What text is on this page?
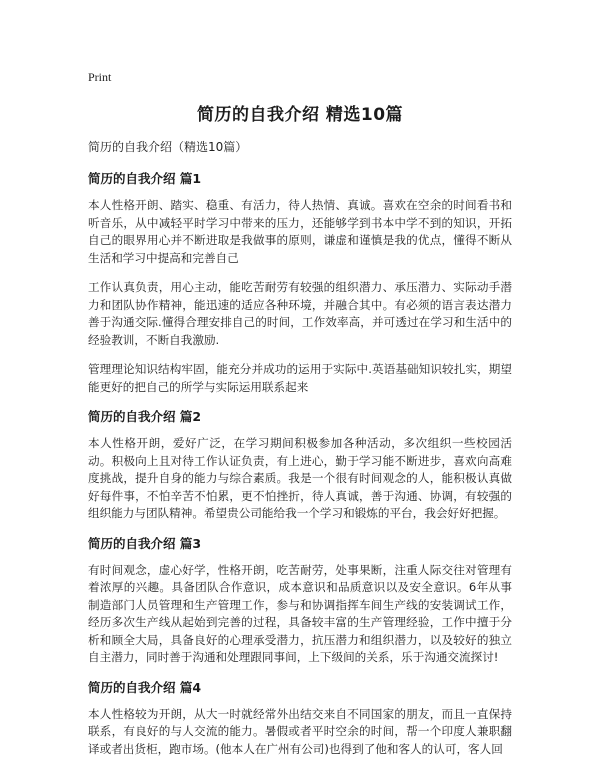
Print
简历的自我介绍 精选10篇
简历的自我介绍（精选10篇）
简历的自我介绍 篇1

本人性格开朗、踏实、稳重、有活力，待人热情、真诚。喜欢在空余的时间看书和听音乐，从中减轻平时学习中带来的压力，还能够学到书本中学不到的知识，开拓自己的眼界用心并不断进取是我做事的原则，谦虚和谨慎是我的优点，懂得不断从生活和学习中提高和完善自己

工作认真负责，用心主动，能吃苦耐劳有较强的组织潜力、承压潜力、实际动手潜力和团队协作精神，能迅速的适应各种环境，并融合其中。有必须的语言表达潜力善于沟通交际.懂得合理安排自己的时间，工作效率高，并可透过在学习和生活中的经验教训，不断自我激励.

管理理论知识结构牢固，能充分并成功的运用于实际中.英语基础知识较扎实，期望能更好的把自己的所学与实际运用联系起来

简历的自我介绍 篇2

本人性格开朗，爱好广泛，在学习期间积极参加各种活动，多次组织一些校园活动。积极向上且对待工作认证负责，有上进心，勤于学习能不断进步，喜欢向高难度挑战，提升自身的能力与综合素质。我是一个很有时间观念的人，能积极认真做好每件事，不怕辛苦不怕累，更不怕挫折，待人真诚，善于沟通、协调，有较强的组织能力与团队精神。希望贵公司能给我一个学习和锻炼的平台，我会好好把握。

简历的自我介绍 篇3

有时间观念，虚心好学，性格开朗，吃苦耐劳，处事果断，注重人际交往对管理有着浓厚的兴趣。具备团队合作意识，成本意识和品质意识以及安全意识。6年从事制造部门人员管理和生产管理工作，参与和协调指挥车间生产线的安装调试工作，经历多次生产线从起始到完善的过程，具备较丰富的生产管理经验，工作中擅于分析和顾全大局，具备良好的心理承受潜力，抗压潜力和组织潜力，以及较好的独立自主潜力，同时善于沟通和处理跟同事间，上下级间的关系，乐于沟通交流探讨!

简历的自我介绍 篇4

本人性格较为开朗，从大一时就经常外出结交来自不同国家的朋友，而且一直保持联系，有良好的与人交流的能力。暑假或者平时空余的时间，帮一个印度人兼职翻译或者出货柜，跑市场。(他本人在广州有公司)也得到了他和客人的认可，客人回
